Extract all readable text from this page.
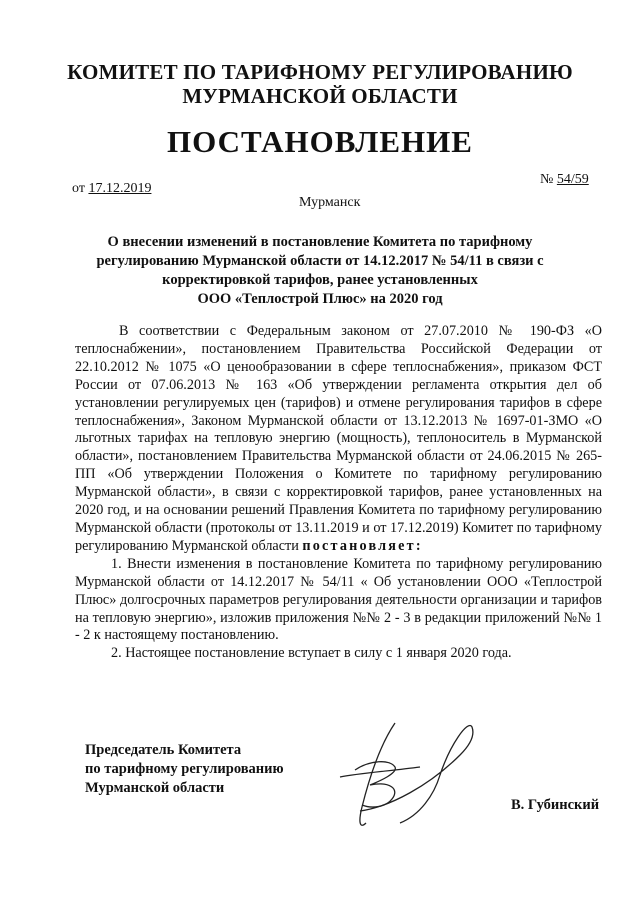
КОМИТЕТ ПО ТАРИФНОМУ РЕГУЛИРОВАНИЮ
МУРМАНСКОЙ ОБЛАСТИ
ПОСТАНОВЛЕНИЕ
от 17.12.2019
№ 54/59
Мурманск
О внесении изменений в постановление Комитета по тарифному
регулированию Мурманской области от 14.12.2017 № 54/11 в связи с
корректировкой тарифов, ранее установленных
ООО «Теплострой Плюс» на 2020 год

В соответствии с Федеральным законом от 27.07.2010 № 190-ФЗ «О теплоснабжении», постановлением Правительства Российской Федерации от 22.10.2012 № 1075 «О ценообразовании в сфере теплоснабжения», приказом ФСТ России от 07.06.2013 № 163 «Об утверждении регламента открытия дел об установлении регулируемых цен (тарифов) и отмене регулирования тарифов в сфере теплоснабжения», Законом Мурманской области от 13.12.2013 № 1697-01-ЗМО «О льготных тарифах на тепловую энергию (мощность), теплоноситель в Мурманской области», постановлением Правительства Мурманской области от 24.06.2015 № 265-ПП «Об утверждении Положения о Комитете по тарифному регулированию Мурманской области», в связи с корректировкой тарифов, ранее установленных на 2020 год, и на основании решений Правления Комитета по тарифному регулированию Мурманской области (протоколы от 13.11.2019 и от 17.12.2019) Комитет по тарифному регулированию Мурманской области постановляет:

1. Внести изменения в постановление Комитета по тарифному регулированию Мурманской области от 14.12.2017 № 54/11 « Об установлении ООО «Теплострой Плюс» долгосрочных параметров регулирования деятельности организации и тарифов на тепловую энергию», изложив приложения №№ 2 - 3 в редакции приложений №№ 1 - 2 к настоящему постановлению.

2. Настоящее постановление вступает в силу с 1 января 2020 года.

Председатель Комитета
по тарифному регулированию
Мурманской области
В. Губинский
